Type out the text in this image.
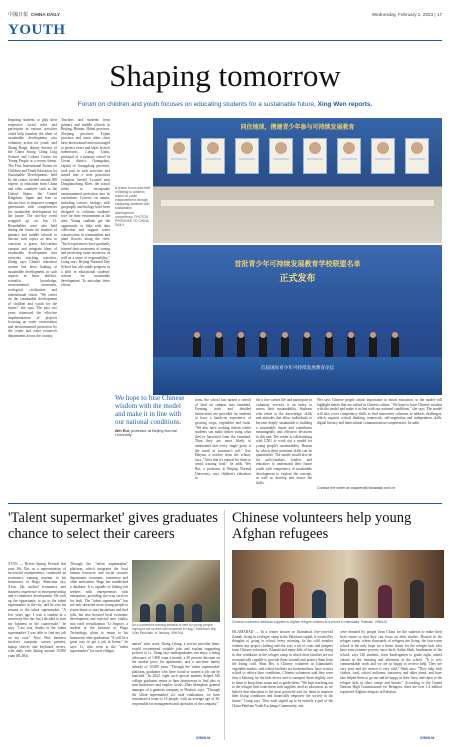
中國日報 CHINA DAILY	Wednesday, February 1, 2023 | 17
YOUTH
Shaping tomorrow
Forum on children and youth focuses on educating students for a sustainable future, Xing Wen reports.
Inspiring students to play their respective social roles and participate in various activities could help translate the ideas of sustainable development into voluntary action for youth, said Zhang Baige, deputy director of the China Soong Ching Ling Science and Culture Center for Young People at a recent forum. The First International Forum on Children and Youth Education for Sustainable Development, held by the center, invited around 300 experts in education from China and other countries such as the United States, the United Kingdom, Japan and Iran to discuss how to empower younger generations with competencies for sustainable development for the future. The two-day event wrapped up on Jan 11. Roundtables were also held during the forum for teachers of primary and middle schools to discuss such topics as how to construct a green, low-carbon campus and integrate ideas of sustainable development into everyday teaching activities. Zhang says China's education system has been looking at sustainable development, in such aspects as basic abilities, scientific knowledge, environmental awareness, ecological civilization and international vision. "We center on the sustainable development of children and youth for the future," she says. The past two years witnessed the effective implementation of projects focusing on water conservation and environmental protection by the center and water resources departments across the country.
Teachers and students from primary and middle schools in Beijing, Hainan, Hubei province, Zhejiang province, Fujian province and some other cities have been trained and encouraged to protect rivers and lakes in their hometowns. Liang Lizhu, principal of a primary school in Liwan district, Guangzhou, capital of Guangdong province, took part in such activities and turned into a river protection volunteer herself. Located near Donghaozhong River, the school seeks to incorporate environmental protection into its curriculum. Courses on nature, including science, biology, with geography and biology have been designed to cultivate students' love for their environment in the area. Young students get the opportunity to help with data collection and support water conservation in communities and plant flowers along the river. "Such experiences have gradually formed their awareness of saving and protecting water resources, as well as a sense of responsibility," Liang says. Beijing National Day School has also made progress in a shift in educational students' actions for sustainable development. To articulate these efforts,
A recent forum was held in Beijing to address topics on youth empowerment through equipping students with sustainable development competency. PHOTOS PROVIDED TO CHINA DAILY
同住地球，携建青少年参与可持续发展教育
首批青少年可持续发展教育学校联盟名单
正式发布
首届国际青少年可持续发展教育论坛
We hope to fuse Chinese wisdom with the model and make it in line with our national conditions.
Wei Rui, professor at Beijing Normal University
tions, the school has turned a stretch of land on campus into farmland. Farming tools and detailed instructions are provided for students to have a hands-on experience of growing crops, vegetables and fruits. "We also have cooking classes where students can make dishes using what they've harvested from the farmland. Then they are more likely to understand that every single grain is the result of someone's toil," Guo Haiyun, a teacher from the school, says. "After that it's natural for them to avoid wasting food," he adds. Wei Rui, a professor at Beijing Normal University, says children's education to
the a low-carbon life and participate in voluntary services is an index to assess their sustainability. Students who relate to the knowledge, skills and attitudes that allow individuals to become deeply sustainable is building a sustainable future and contributes meaningfully and effective decisions in this end. The center is collaborating with UNU to work out a model for young people's sustainability. Bureau by which these pertinent skills can be quantitative. The model would also be for policymakers, leaders and educators to understand their future youth with competency of sustainable development to explore the concept, as well as develop and assess the skills.
Wei says Chinese people attach importance to moral education, so the model will highlight merits that are valued in Chinese culture. "We hope to have Chinese wisdom with the model and make it in line with our national conditions," she says. The model will also cover competency skills to find innovative solutions to address challenges, which requires critical thinking, teamwork, self-regulation and independent skills, digital literacy and intercultural communication competencies, he adds.
Contact the writer at xingwen@chinadaily.com.cn
'Talent supermarket' gives graduates chance to select their careers
XI'AN — Before Spring Festival this year, Hu Xin, as a representative of successful entrepreneurs, conducted an economics training seminar in his hometown of Hugo, Shenchun city, Xi'an. Hu studied economics and business experience in entrepreneurship and e-commerce development. He took up the opportunity to go to the talent supermarket in the city, and he sent his resume to the talent supermarket. "A few years ago, I was a student at a university like me, but I decided to start my business in the countryside," he says. "Last year, thanks to the 'talent supermarket' I was able to find my job on my own." Now, Hu's business involves computer screen printers, laptop sleeves and keyboard covers, with daily sales hitting around 10,000 yuan ($1,484).
Through the "talent supermarket" platform, which integrates the local human resources and social security department, economic, commerce and other authorities, Hugo has established a database. It is capable of linking job seekers with entrepreneurs with enterprises, providing two-way services for both. The "talent supermarket" has not only attracted more young people to return home to start businesses and find jobs, but also boosted local economic development and injected new vitality into rural revitalization. Li Jingwei, a student at the Institute of Hugo Technology, plans to return to his hometown after graduation. "It will be a great way to get a job at home," he says. Li, who went to the "talent supermarket" for rural villages,
An e-commerce training seminar is held for young people hoping to set up their own business in Hugo, Shenchun city, Xi'an Mountain, in January. XINHUA
nation" after work. Xiang Lifang, a service provider there, would recommend suitable jobs and explain supporting policies to Li. Xiang says undergraduates can enjoy a living allowance of 1,800 yuan a month, a 20 percent discount on the market price for apartments, and a one-time family subsidy of 10,000 yuan. "Through the 'talent supermarket' platform, graduates who have found or started a job can be matched." In 2022, eight such special markets helped 540 college graduates return to their hometowns to find jobs or start businesses and employ locals. Zhao Shenghua, general manager of a garment company in Hezhou, says, "Through the 'talent supermarket' for rural vitalization, we have introduced a team of 16 people, with an average age of 30, responsible for management and operation of the company."
XINHUA
Chinese volunteers help young Afghan refugees
Chinese volunteers distribute supplies to Afghan refugee children at a school in Islamabad, Pakistan. XINHUA
ISLAMABAD — In a winter shower in Islamabad, five-year-old Zainab, living in a refugee camp in the Pakistani capital, is worried by thoughts of going to school every morning. In the cold weather without any proper clothing and she says a set of coats and jumpers from Chinese volunteers. Khanda and many kids of her age are living in dire conditions in the refugee camp in which their families are not economically capable to provide them warmth and protect them from the biting cold. Shan Bei, a Chinese volunteer in Islamabad's vegetable market, said whose brothers are housemothers, have to miss school to relieve their conditions. Chinese volunteers said they were thus a blessing for the kids drives and to transport them slightly over to them to keep them warm and to guide them. "We kept reaching out to the refugee kids from them with supplies used as education, as we believe that education is the most powerful tool for them to improve their living conditions and financially empower the society in the future," Liang says. They each signed up to be entirely a part of the China-Pakistan Youth Exchange Community, one.
were donated by people from China for the students to make their lives easier so that they can focus on their studies. Housed in the refugee camp, where thousands of refugees are living, the four-room school is the only hope for a better future for the refugee kids who have seen extreme poverty since birth. Salim Shah, headmaster of the school, says 120 students, from kindergarten to grade eight, attend classes in the morning and afternoon at the school. "It is very commendable work and we are so happy to receive help. They are very poor and the season is very cold," Shah says. "They help with clothes, food, school uniforms, stationery and other items, and have also helped them to go out and be happy in their lives, and show to the refugee kids in other camps and homes." According to the United Nations High Commissioner for Refugees, there are over 1.4 million registered Afghan refugees in Pakistan.
XINHUA
